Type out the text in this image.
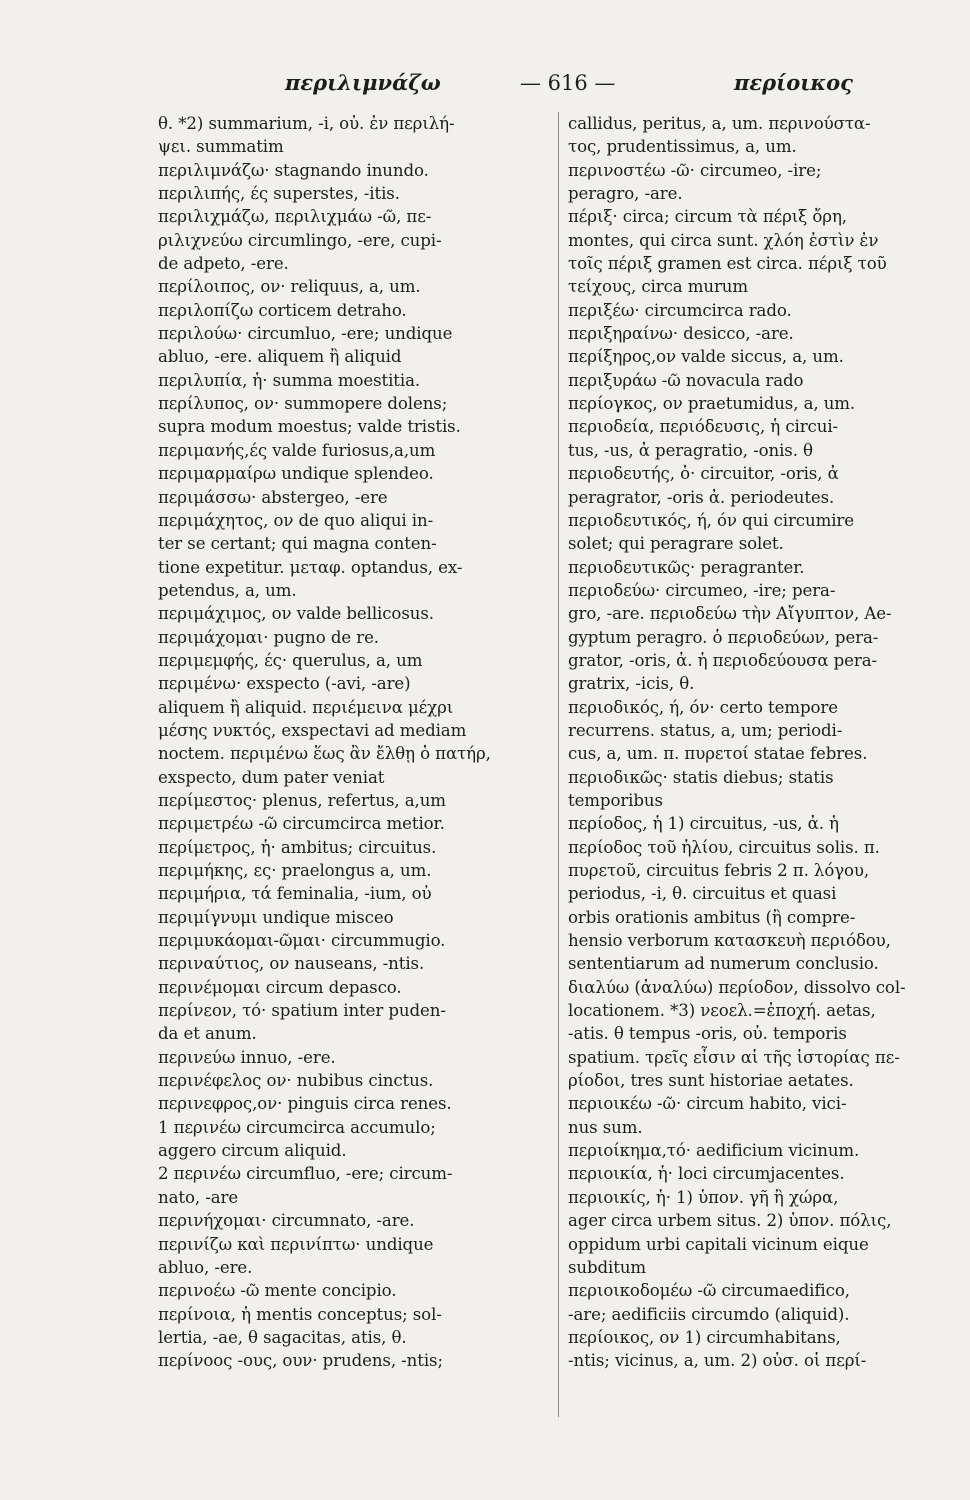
περιλιμνάζω	— 616 —	περίοικος
θ. *2) summarium, -i, οὐ. ἐν περιλή-
ψει. summatim
περιλιμνάζω· stagnando inundo.
περιλιπής, ές superstes, -itis.
περιλιχμάζω, περιλιχμάω -ῶ, πε-
ριλιχνεύω circumlingo, -ere, cupi-
de adpeto, -ere.
περίλοιπος, ον· reliquus, a, um.
περιλοπίζω corticem detraho.
περιλούω· circumluo, -ere; undique
abluo, -ere. aliquem ἢ aliquid
περιλυπία, ἡ· summa moestitia.
περίλυπος, ον· summopere dolens;
supra modum moestus; valde tristis.
περιμανής,ές valde furiosus,a,um
περιμαρμαίρω undique splendeo.
περιμάσσω· abstergeo, -ere
περιμάχητος, ον de quo aliqui in-
ter se certant; qui magna conten-
tione expetitur. μεταφ. optandus, ex-
petendus, a, um.
περιμάχιμος, ον valde bellicosus.
περιμάχομαι· pugno de re.
περιμεμφής, ές· querulus, a, um
περιμένω· exspecto (-avi, -are)
aliquem ἢ aliquid. περιέμεινα μέχρι
μέσης νυκτός, exspectavi ad mediam
noctem. περιμένω ἕως ἂν ἔλθῃ ὁ πατήρ,
exspecto, dum pater veniat
περίμεστος· plenus, refertus, a,um
περιμετρέω -ῶ circumcirca metior.
περίμετρος, ἡ· ambitus; circuitus.
περιμήκης, ες· praelongus a, um.
περιμήρια, τά feminalia, -ium, οὐ
περιμίγνυμι undique misceo
περιμυκάομαι-ῶμαι· circummugio.
περιναύτιος, ον nauseans, -ntis.
περινέμομαι circum depasco.
περίνεον, τό· spatium inter puden-
da et anum.
περινεύω innuo, -ere.
περινέφελος ον· nubibus cinctus.
περινεφρος,ον· pinguis circa renes.
1 περινέω circumcirca accumulo;
aggero circum aliquid.
2 περινέω circumfluo, -ere; circum-
nato, -are
περινήχομαι· circumnato, -are.
περινίζω καὶ περινίπτω· undique
abluo, -ere.
περινοέω -ῶ mente concipio.
περίνοια, ἡ mentis conceptus; sol-
lertia, -ae, θ sagacitas, atis, θ.
περίνοος -ους, ουν· prudens, -ntis;
callidus, peritus, a, um. περινούστα-
τος, prudentissimus, a, um.
περινοστέω -ῶ· circumeo, -ire;
peragro, -are.
πέριξ· circa; circum τὰ πέριξ ὄρη,
montes, qui circa sunt. χλόη ἐστὶν ἐν
τοῖς πέριξ gramen est circa. πέριξ τοῦ
τείχους, circa murum
περιξέω· circumcirca rado.
περιξηραίνω· desicco, -are.
περίξηρος,ον valde siccus, a, um.
περιξυράω -ῶ novacula rado
περίογκος, ον praetumidus, a, um.
περιοδεία, περιόδευσις, ἡ circui-
tus, -us, ἀ peragratio, -onis. θ
περιοδευτής, ὁ· circuitor, -oris, ἀ
peragrator, -oris ἀ. periodeutes.
περιοδευτικός, ή, όν qui circumire
solet; qui peragrare solet.
περιοδευτικῶς· peragranter.
περιοδεύω· circumeo, -ire; pera-
gro, -are. περιοδεύω τὴν Αἴγυπτον, Ae-
gyptum peragro. ὁ περιοδεύων, pera-
grator, -oris, ἀ. ἡ περιοδεύουσα pera-
gratrix, -icis, θ.
περιοδικός, ή, όν· certo tempore
recurrens. status, a, um; periodi-
cus, a, um. π. πυρετοί statae febres.
περιοδικῶς· statis diebus; statis
temporibus
περίοδος, ἡ 1) circuitus, -us, ἀ. ἡ
περίοδος τοῦ ἡλίου, circuitus solis. π.
πυρετοῦ, circuitus febris 2 π. λόγου,
periodus, -i, θ. circuitus et quasi
orbis orationis ambitus (ἢ compre-
hensio verborum κατασκευὴ περιόδου,
sententiarum ad numerum conclusio.
διαλύω (ἀναλύω) περίοδον, dissolvo col-
locationem. *3) νεοελ.=ἐποχή. aetas,
-atis. θ tempus -oris, οὐ. temporis
spatium. τρεῖς εἶσιν αἱ τῆς ἱστορίας πε-
ρίοδοι, tres sunt historiae aetates.
περιοικέω -ῶ· circum habito, vici-
nus sum.
περιοίκημα,τό· aedificium vicinum.
περιοικία, ἡ· loci circumjacentes.
περιοικίς, ἡ· 1) ὑπον. γῆ ἢ χώρα,
ager circa urbem situs. 2) ὑπον. πόλις,
oppidum urbi capitali vicinum eique
subditum
περιοικοδομέω -ῶ circumaedifico,
-are; aedificiis circumdo (aliquid).
περίοικος, ον 1) circumhabitans,
-ntis; vicinus, a, um. 2) οὐσ. οἱ περί-
